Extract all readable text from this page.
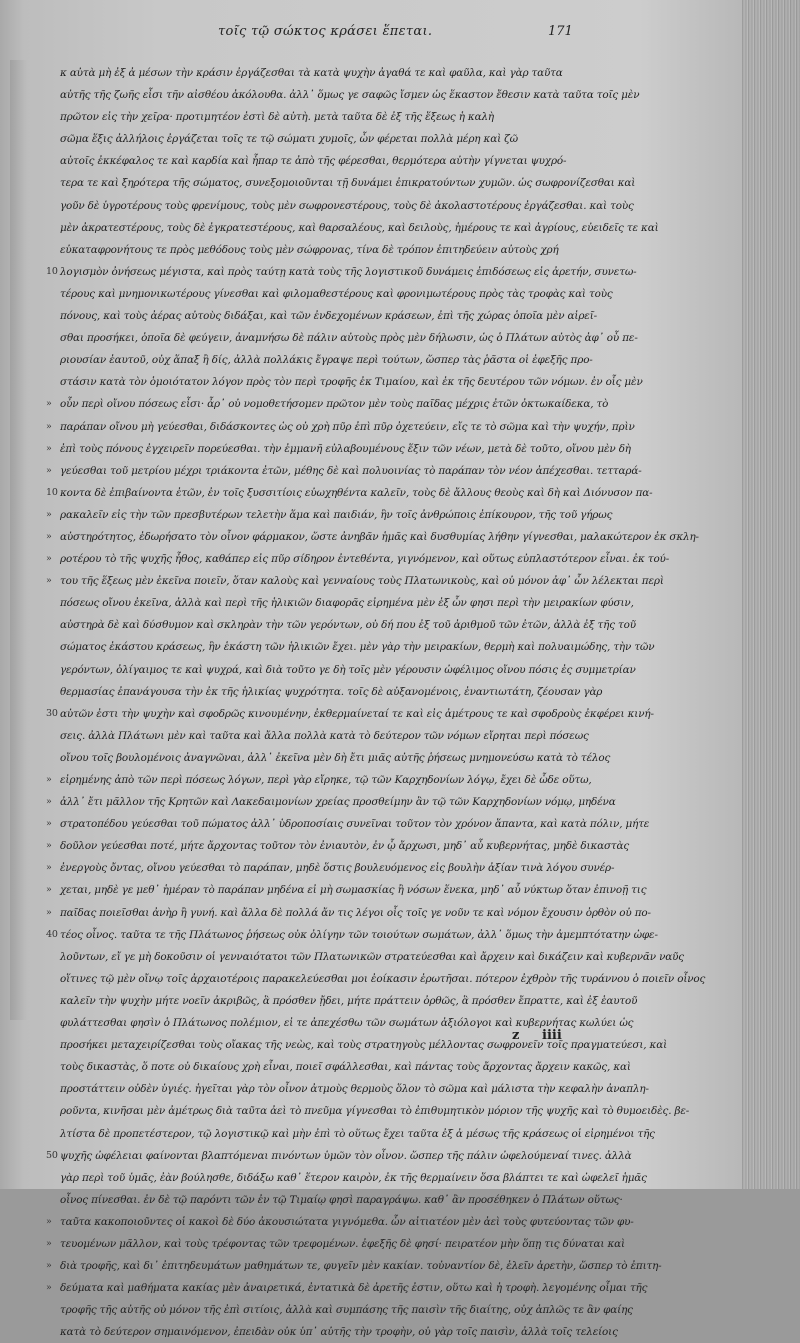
τοῖς τῷ σώκτος κράσει ἕπεται.	171
κ αὐτὰ μὴ ἐξ ἀ μέσων τὴν κράσιν ἐργάζεσθαι τὰ κατὰ ψυχὴν ἀγαθά τε καὶ φαῦλα, καὶ γὰρ ταῦτα
αὐτῆς τῆς ζωῆς εἶσι τῆν αἰσθέου ἀκόλουθα. ἀλλ᾽ ὅμως γε σαφῶς ἴσμεν ὡς ἕκαστον ἔθεσιν κατὰ ταῦτα τοῖς μὲν
πρῶτον εἰς τὴν χεῖρα· προτιμητέον ἐστὶ δὲ αὐτὴ. μετὰ ταῦτα δὲ ἐξ τῆς ἕξεως ἡ καλὴ
σῶμα ἕξις ἀλλήλοις ἐργάζεται τοῖς τε τῷ σώματι χυμοῖς, ὧν φέρεται πολλὰ μέρη καὶ ζῶ
αὐτοῖς ἐκκέφαλος τε καὶ καρδία καὶ ἧπαρ τε ἀπὸ τῆς φέρεσθαι, θερμότερα αὐτὴν γίγνεται ψυχρό-
τερα τε καὶ ξηρότερα τῆς σώματος, συνεξομοιοῦνται τῇ δυνάμει ἐπικρατούντων χυμῶν. ὡς σωφρονίζεσθαι καὶ
γοῦν δὲ ὑγροτέρους τοὺς φρενίμους, τοὺς μὲν σωφρονεστέρους, τοὺς δὲ ἀκολαστοτέρους ἐργάζεσθαι. καὶ τοὺς
μὲν ἀκρατεστέρους, τοὺς δὲ ἐγκρατεστέρους, καὶ θαρσαλέους, καὶ δειλοὺς, ἡμέρους τε καὶ ἀγρίους, εὐειδεῖς τε καὶ
εὐκαταφρονήτους τε πρὸς μεθόδους τοὺς μὲν σώφρονας, τίνα δὲ τρόπον ἐπιτηδεύειν αὐτοὺς χρή
10 λογισμὸν ὀνήσεως μέγιστα, καὶ πρὸς ταύτῃ κατὰ τοὺς τῆς λογιστικοῦ δυνάμεις ἐπιδόσεως εἰς ἀρετήν, συνετω-
τέρους καὶ μνημονικωτέρους γίνεσθαι καὶ φιλομαθεστέρους καὶ φρονιμωτέρους πρὸς τὰς τροφὰς καὶ τοὺς
πόνους, καὶ τοὺς ἀέρας αὐτοὺς διδάξαι, καὶ τῶν ἐνδεχομένων κράσεων, ἐπὶ τῆς χώρας ὁποῖα μὲν αἱρεῖ-
σθαι προσήκει, ὁποῖα δὲ φεύγειν, ἀναμνήσω δὲ πάλιν αὐτοὺς πρὸς μὲν δήλωσιν, ὡς ὁ Πλάτων αὐτὸς ἀφ᾽ οὗ πε-
ριουσίαν ἑαυτοῦ, οὐχ ἅπαξ ἢ δίς, ἀλλὰ πολλάκις ἔγραψε περὶ τούτων, ὥσπερ τὰς ῥᾶστα οἱ ἐφεξῆς προ-
στάσιν κατὰ τὸν ὁμοιότατον λόγον πρὸς τὸν περὶ τροφῆς ἐκ Τιμαίου, καὶ ἐκ τῆς δευτέρου τῶν νόμων. ἐν οἷς μὲν
» οὖν περὶ οἴνου πόσεως εἶσι· ἆρ᾽ οὐ νομοθετήσομεν πρῶτον μὲν τοὺς παῖδας μέχρις ἐτῶν ὀκτωκαίδεκα, τὸ
» παράπαν οἴνου μὴ γεύεσθαι, διδάσκοντες ὡς οὐ χρὴ πῦρ ἐπὶ πῦρ ὀχετεύειν, εἴς τε τὸ σῶμα καὶ τὴν ψυχήν, πρὶν
» ἐπὶ τοὺς πόνους ἐγχειρεῖν πορεύεσθαι. τὴν ἐμμανῆ εὐλαβουμένους ἕξιν τῶν νέων, μετὰ δὲ τοῦτο, οἴνου μὲν δὴ
» γεύεσθαι τοῦ μετρίου μέχρι τριάκοντα ἐτῶν, μέθης δὲ καὶ πολυοινίας τὸ παράπαν τὸν νέον ἀπέχεσθαι. τετταρά-
10 κοντα δὲ ἐπιβαίνοντα ἐτῶν, ἐν τοῖς ξυσσιτίοις εὐωχηθέντα καλεῖν, τοὺς δὲ ἄλλους θεοὺς καὶ δὴ καὶ Διόνυσον πα-
» ρακαλεῖν εἰς τὴν τῶν πρεσβυτέρων τελετὴν ἅμα καὶ παιδιάν, ἣν τοῖς ἀνθρώποις ἐπίκουρον, τῆς τοῦ γήρως
» αὐστηρότητος, ἐδωρήσατο τὸν οἶνον φάρμακον, ὥστε ἀνηβᾶν ἡμᾶς καὶ δυσθυμίας λήθην γίγνεσθαι, μαλακώτερον ἐκ σκλη-
» ροτέρου τὸ τῆς ψυχῆς ἦθος, καθάπερ εἰς πῦρ σίδηρον ἐντεθέντα, γιγνόμενον, καὶ οὕτως εὐπλαστότερον εἶναι. ἐκ τού-
» του τῆς ἕξεως μὲν ἐκεῖνα ποιεῖν, ὅταν καλοὺς καὶ γενναίους τοὺς Πλατωνικοὺς, καὶ οὐ μόνον ἀφ᾽ ὧν λέλεκται περὶ
πόσεως οἴνου ἐκεῖνα, ἀλλὰ καὶ περὶ τῆς ἡλικιῶν διαφορᾶς εἰρημένα μὲν ἐξ ὧν φησι περὶ τὴν μειρακίων φύσιν,
αὐστηρὰ δὲ καὶ δύσθυμον καὶ σκληρὰν τὴν τῶν γερόντων, οὐ δή που ἐξ τοῦ ἀριθμοῦ τῶν ἐτῶν, ἀλλὰ ἐξ τῆς τοῦ
σώματος ἑκάστου κράσεως, ἣν ἑκάστη τῶν ἡλικιῶν ἔχει. μὲν γὰρ τὴν μειρακίων, θερμὴ καὶ πολυαιμώδης, τὴν τῶν
γερόντων, ὀλίγαιμος τε καὶ ψυχρά, καὶ διὰ τοῦτο γε δὴ τοῖς μὲν γέρουσιν ὠφέλιμος οἴνου πόσις ἐς συμμετρίαν
θερμασίας ἐπανάγουσα τὴν ἐκ τῆς ἡλικίας ψυχρότητα. τοῖς δὲ αὐξανομένοις, ἐναντιωτάτη, ζέουσαν γὰρ
30 αὐτῶν ἐστι τὴν ψυχὴν καὶ σφοδρῶς κινουμένην, ἐκθερμαίνεταί τε καὶ εἰς ἀμέτρους τε καὶ σφοδροὺς ἐκφέρει κινή-
σεις. ἀλλὰ Πλάτωνι μὲν καὶ ταῦτα καὶ ἄλλα πολλὰ κατὰ τὸ δεύτερον τῶν νόμων εἴρηται περὶ πόσεως
οἴνου τοῖς βουλομένοις ἀναγνῶναι, ἀλλ᾽ ἐκεῖνα μὲν δὴ ἔτι μιᾶς αὐτῆς ῥήσεως μνημονεύσω κατὰ τὸ τέλος
» εἰρημένης ἀπὸ τῶν περὶ πόσεως λόγων, περὶ γὰρ εἴρηκε, τῷ τῶν Καρχηδονίων λόγῳ, ἔχει δὲ ὧδε οὕτω,
» ἀλλ᾽ ἔτι μᾶλλον τῆς Κρητῶν καὶ Λακεδαιμονίων χρείας προσθείμην ἂν τῷ τῶν Καρχηδονίων νόμῳ, μηδένα
» στρατοπέδου γεύεσθαι τοῦ πώματος ἀλλ᾽ ὑδροποσίαις συνεῖναι τοῦτον τὸν χρόνον ἅπαντα, καὶ κατὰ πόλιν, μήτε
» δοῦλον γεύεσθαι ποτέ, μήτε ἄρχοντας τοῦτον τὸν ἐνιαυτὸν, ἐν ᾧ ἄρχωσι, μηδ᾽ αὖ κυβερνήτας, μηδὲ δικαστὰς
» ἐνεργοὺς ὄντας, οἴνου γεύεσθαι τὸ παράπαν, μηδὲ ὅστις βουλευόμενος εἰς βουλὴν ἀξίαν τινὰ λόγου συνέρ-
» χεται, μηδὲ γε μεθ᾽ ἡμέραν τὸ παράπαν μηδένα εἰ μὴ σωμασκίας ἢ νόσων ἕνεκα, μηδ᾽ αὖ νύκτωρ ὅταν ἐπινοῇ τις
» παῖδας ποιεῖσθαι ἀνὴρ ἢ γυνή. καὶ ἄλλα δὲ πολλά ἄν τις λέγοι οἷς τοῖς γε νοῦν τε καὶ νόμον ἔχουσιν ὀρθὸν οὐ πο-
40 τέος οἶνος. ταῦτα τε τῆς Πλάτωνος ῥήσεως οὐκ ὀλίγην τῶν τοιούτων σωμάτων, ἀλλ᾽ ὅμως τὴν ἀμεμπτότατην ὠφε-
λοῦντων, εἴ γε μὴ δοκοῦσιν οἱ γενναιότατοι τῶν Πλατωνικῶν στρατεύεσθαι καὶ ἄρχειν καὶ δικάζειν καὶ κυβερνᾶν ναῦς
οἵτινες τῷ μὲν οἴνῳ τοῖς ἀρχαιοτέροις παρακελεύεσθαι μοι ἐοίκασιν ἐρωτῆσαι. πότερον ἐχθρὸν τῆς τυράννου ὁ ποιεῖν οἶνος
καλεῖν τὴν ψυχὴν μήτε νοεῖν ἀκριβῶς, ἃ πρόσθεν ᾔδει, μήτε πράττειν ὀρθῶς, ἃ πρόσθεν ἔπραττε, καὶ ἐξ ἑαυτοῦ
φυλάττεσθαι φησὶν ὁ Πλάτωνος πολέμιον, εἰ τε ἀπεχέσθω τῶν σωμάτων ἀξιόλογοι καὶ κυβερνήτας κωλύει ὡς
προσήκει μεταχειρίζεσθαι τοὺς οἴακας τῆς νεὼς, καὶ τοὺς στρατηγοὺς μέλλοντας σωφρονεῖν τοῖς πραγματεύεσι, καὶ
τοὺς δικαστὰς, ὅ ποτε οὐ δικαίους χρὴ εἶναι, ποιεῖ σφάλλεσθαι, καὶ πάντας τοὺς ἄρχοντας ἄρχειν κακῶς, καὶ
προστάττειν οὐδὲν ὑγιές. ἡγεῖται γὰρ τὸν οἶνον ἀτμοὺς θερμοὺς ὅλον τὸ σῶμα καὶ μάλιστα τὴν κεφαλὴν ἀναπλη-
ροῦντα, κινῆσαι μὲν ἀμέτρως διὰ ταῦτα ἀεὶ τὸ πνεῦμα γίγνεσθαι τὸ ἐπιθυμητικὸν μόριον τῆς ψυχῆς καὶ τὸ θυμοειδὲς. βε-
λτίστα δὲ προπετέστερον, τῷ λογιστικῷ καὶ μὴν ἐπὶ τὸ οὕτως ἔχει ταῦτα ἐξ ἀ μέσως τῆς κράσεως οἱ εἰρημένοι τῆς
50 ψυχῆς ὠφέλειαι φαίνονται βλαπτόμεναι πινόντων ὑμῶν τὸν οἶνον. ὥσπερ τῆς πάλιν ὠφελούμεναί τινες. ἀλλὰ
γὰρ περὶ τοῦ ὑμᾶς, ἐὰν βούλησθε, διδάξω καθ᾽ ἕτερον καιρὸν, ἐκ τῆς θερμαίνειν ὅσα βλάπτει τε καὶ ὠφελεῖ ἡμᾶς
οἶνος πίνεσθαι. ἐν δὲ τῷ παρόντι τῶν ἐν τῷ Τιμαίῳ φησὶ παραγράψω. καθ᾽ ἂν προσέθηκεν ὁ Πλάτων οὕτως·
» ταῦτα κακοποιοῦντες οἱ κακοὶ δὲ δύο ἀκουσιώτατα γιγνόμεθα. ὧν αἰτιατέον μὲν ἀεὶ τοὺς φυτεύοντας τῶν φυ-
» τευομένων μᾶλλον, καὶ τοὺς τρέφοντας τῶν τρεφομένων. ἐφεξῆς δὲ φησί· πειρατέον μὴν ὅπῃ τις δύναται καὶ
» διὰ τροφῆς, καὶ δι᾽ ἐπιτηδευμάτων μαθημάτων τε, φυγεῖν μὲν κακίαν. τοὐναντίον δὲ, ἑλεῖν ἀρετὴν, ὥσπερ τὸ ἐπιτη-
» δεύματα καὶ μαθήματα κακίας μὲν ἀναιρετικά, ἐντατικὰ δὲ ἀρετῆς ἐστιν, οὕτω καὶ ἡ τροφὴ. λεγομένης οἶμαι τῆς
τροφῆς τῆς αὐτῆς οὐ μόνον τῆς ἐπὶ σιτίοις, ἀλλὰ καὶ συμπάσης τῆς παισὶν τῆς διαίτης, οὐχ ἁπλῶς τε ἂν φαίης
κατὰ τὸ δεύτερον σημαινόμενον, ἐπειδὰν οὐκ ὑπ᾽ αὐτῆς τὴν τροφὴν, οὐ γὰρ τοῖς παισὶν, ἀλλὰ τοῖς τελείοις
z iiii
